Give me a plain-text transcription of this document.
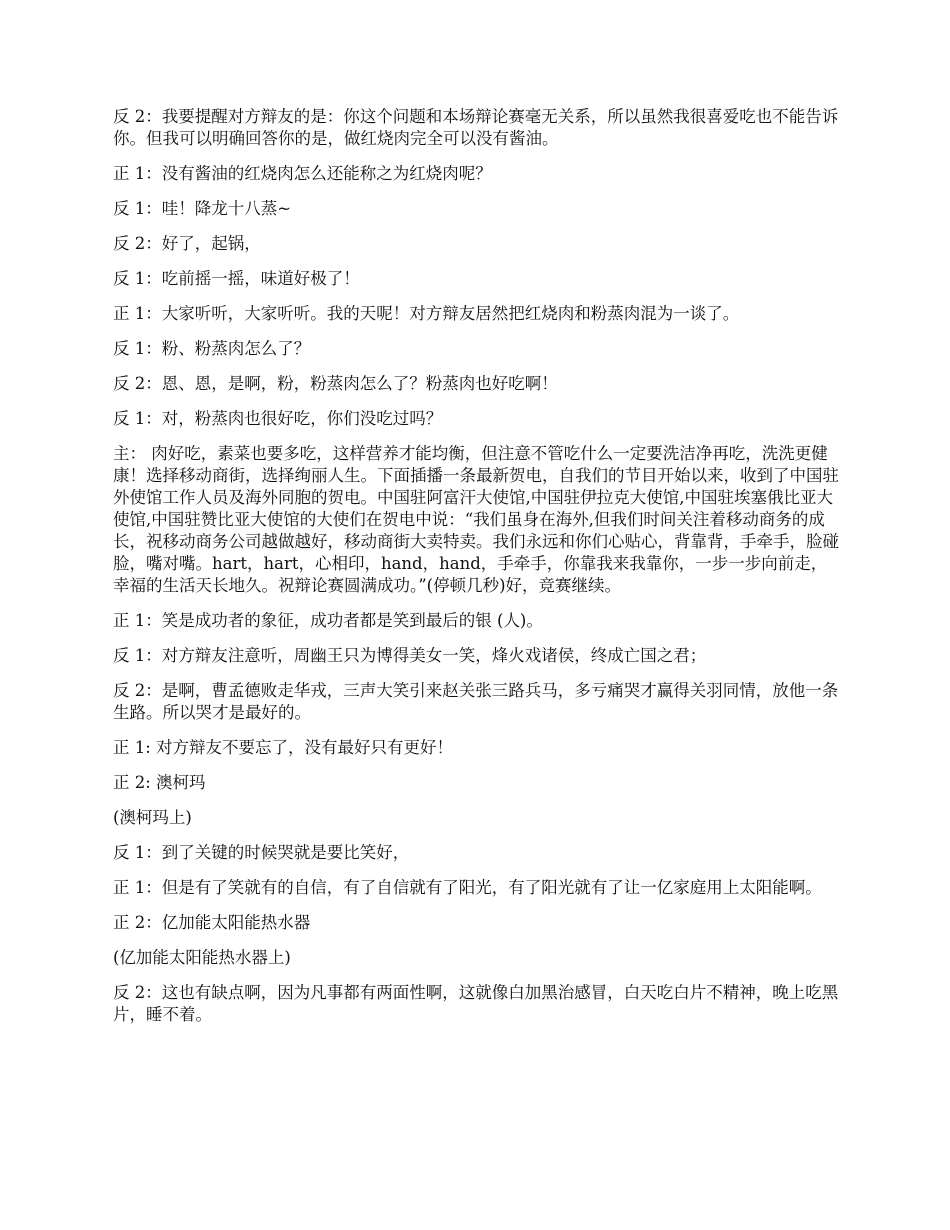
反 2：我要提醒对方辩友的是：你这个问题和本场辩论赛毫无关系，所以虽然我很喜爱吃也不能告诉你。但我可以明确回答你的是，做红烧肉完全可以没有酱油。

正 1：没有酱油的红烧肉怎么还能称之为红烧肉呢？

反 1：哇！降龙十八蒸~

反 2：好了，起锅，

反 1：吃前摇一摇，味道好极了！

正 1：大家听听，大家听听。我的天呢！对方辩友居然把红烧肉和粉蒸肉混为一谈了。

反 1：粉、粉蒸肉怎么了？

反 2：恩、恩，是啊，粉，粉蒸肉怎么了？粉蒸肉也好吃啊！

反 1：对，粉蒸肉也很好吃，你们没吃过吗？

主： 肉好吃，素菜也要多吃，这样营养才能均衡，但注意不管吃什么一定要洗洁净再吃，洗洗更健康！选择移动商街，选择绚丽人生。下面插播一条最新贺电，自我们的节目开始以来，收到了中国驻外使馆工作人员及海外同胞的贺电。中国驻阿富汗大使馆,中国驻伊拉克大使馆,中国驻埃塞俄比亚大使馆,中国驻赞比亚大使馆的大使们在贺电中说：“我们虽身在海外,但我们时间关注着移动商务的成长，祝移动商务公司越做越好，移动商街大卖特卖。我们永远和你们心贴心，背靠背，手牵手，脸碰脸，嘴对嘴。hart，hart，心相印，hand，hand，手牵手，你靠我来我靠你，一步一步向前走，幸福的生活天长地久。祝辩论赛圆满成功。”(停顿几秒)好，竞赛继续。

正 1：笑是成功者的象征，成功者都是笑到最后的银 (人)。

反 1：对方辩友注意听，周幽王只为博得美女一笑，烽火戏诸侯，终成亡国之君；

反 2：是啊，曹孟德败走华戎，三声大笑引来赵关张三路兵马，多亏痛哭才赢得关羽同情，放他一条生路。所以哭才是最好的。

正 1: 对方辩友不要忘了，没有最好只有更好！

正 2: 澳柯玛

(澳柯玛上)

反 1：到了关键的时候哭就是要比笑好，

正 1：但是有了笑就有的自信，有了自信就有了阳光，有了阳光就有了让一亿家庭用上太阳能啊。

正 2：亿加能太阳能热水器

(亿加能太阳能热水器上)

反 2：这也有缺点啊，因为凡事都有两面性啊，这就像白加黑治感冒，白天吃白片不精神，晚上吃黑片，睡不着。
